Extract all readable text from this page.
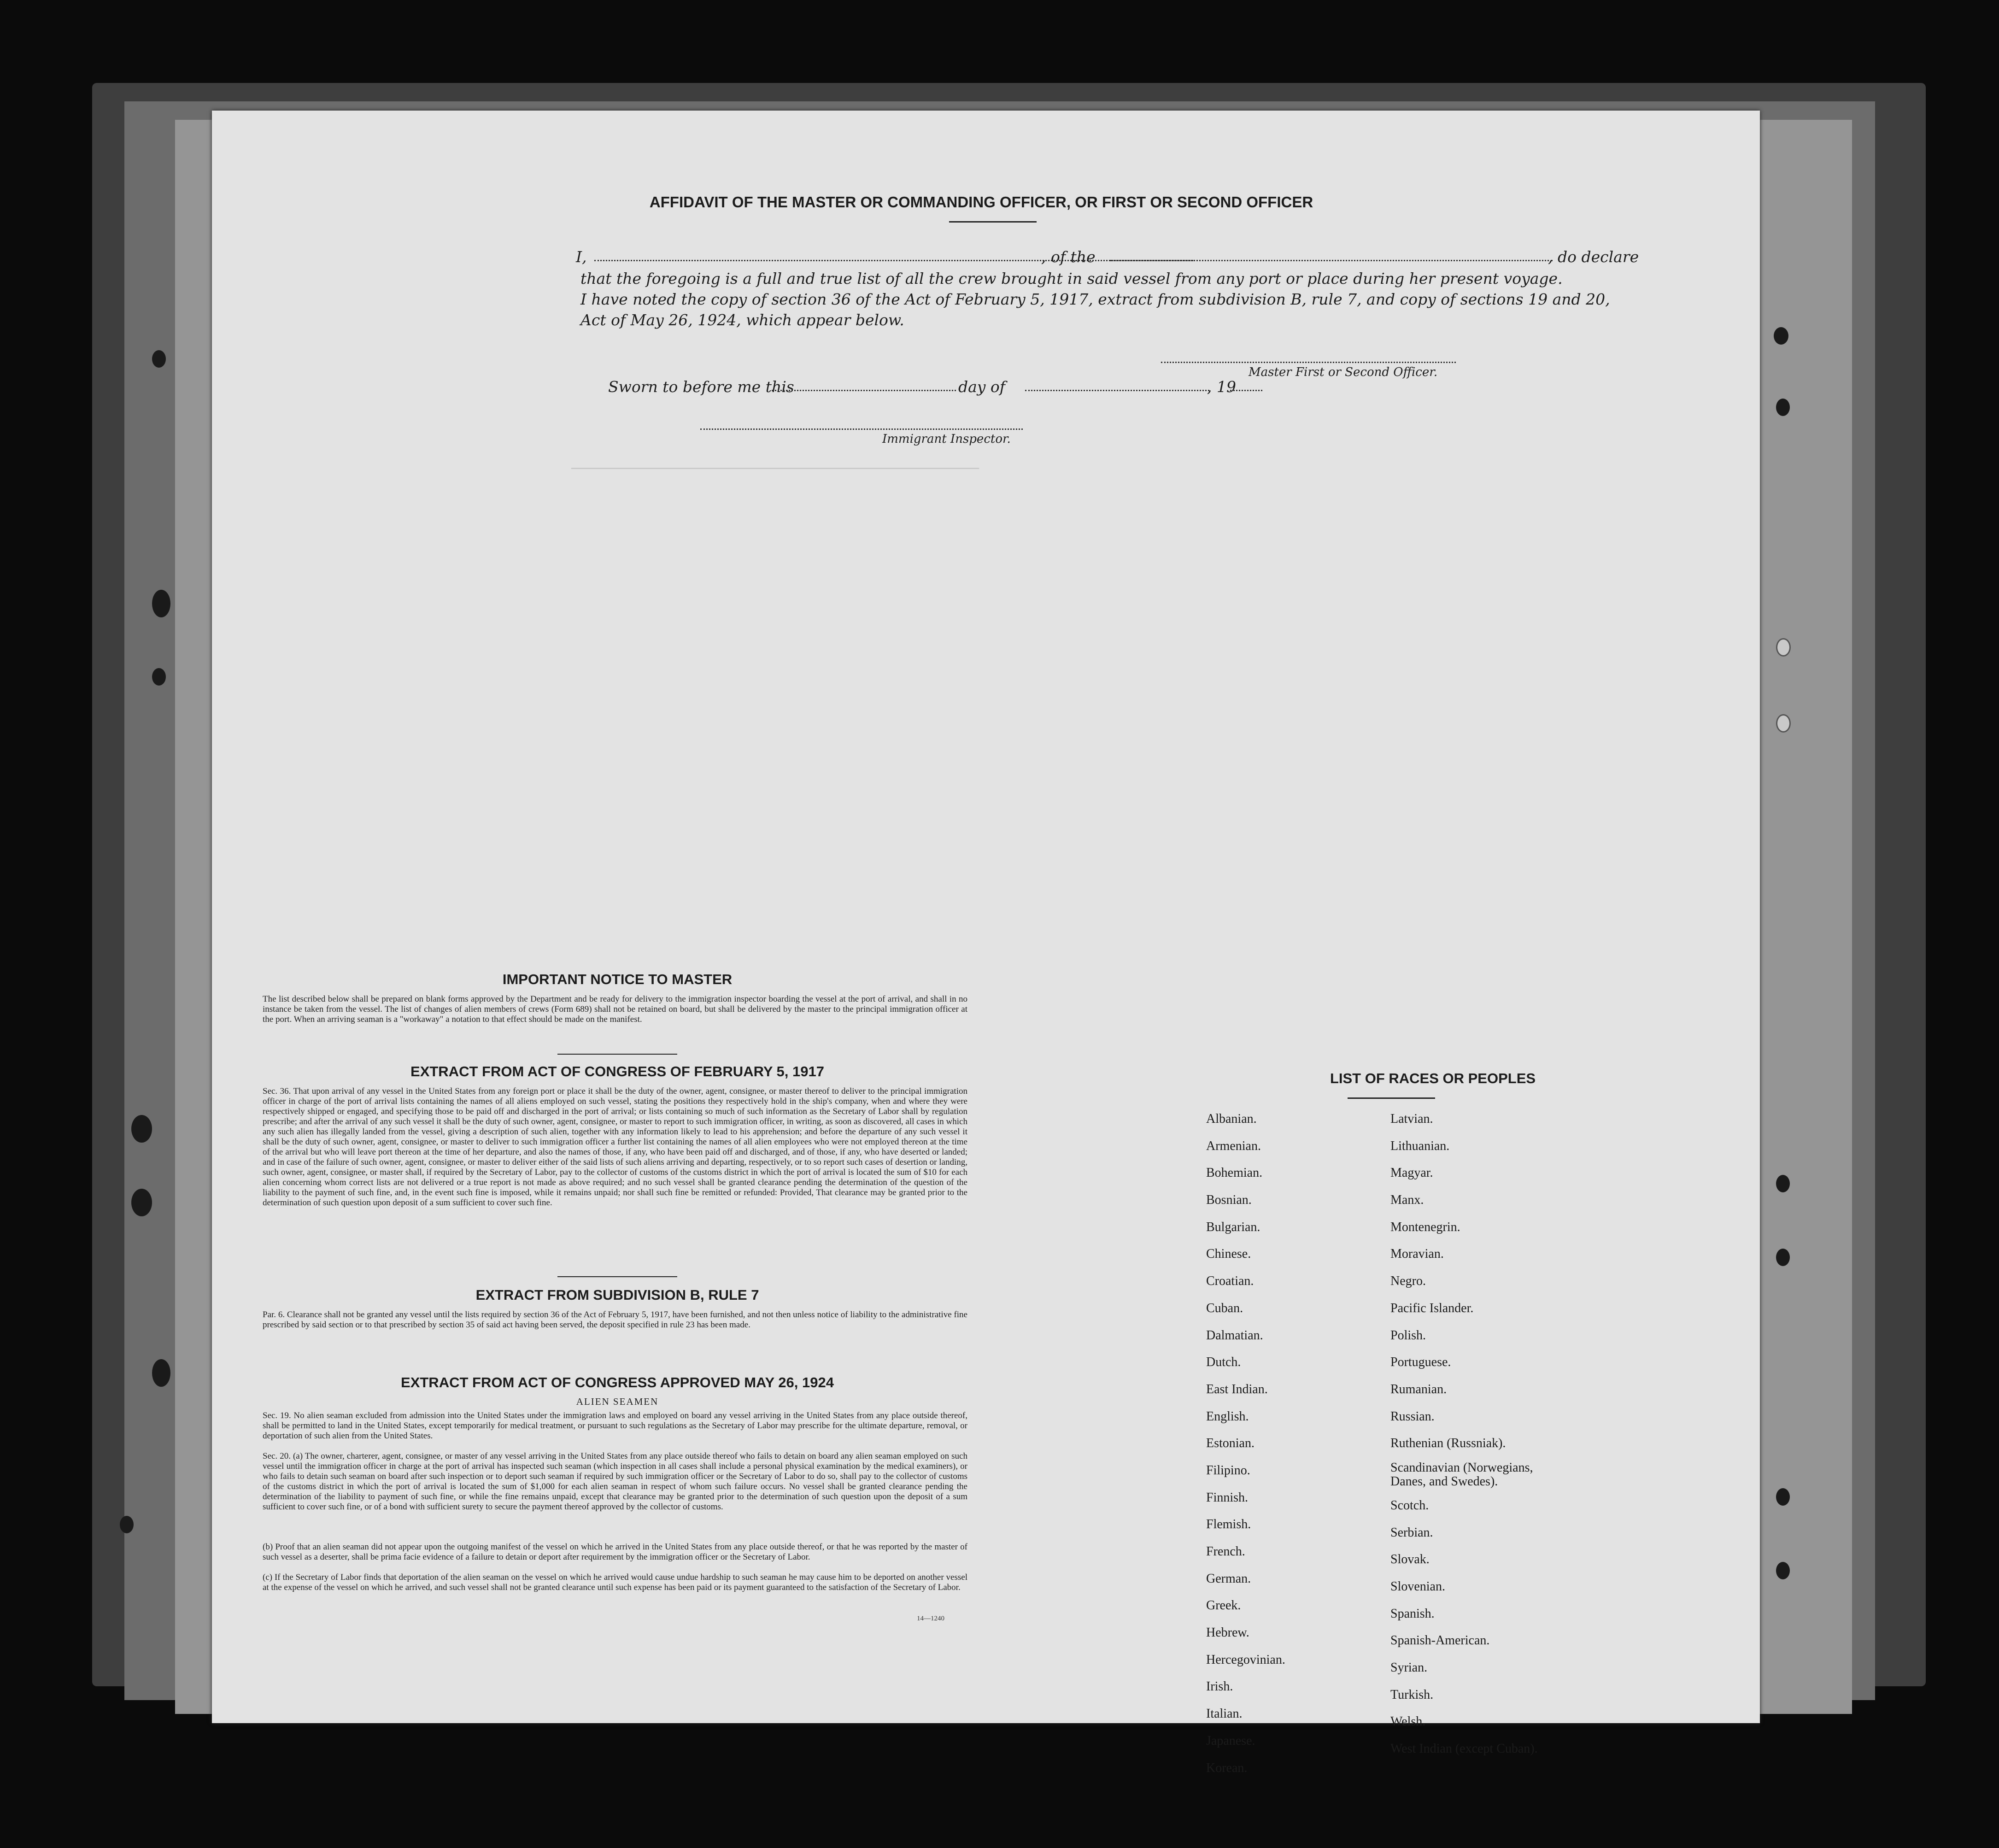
─────────────────────────────────────────────────
AFFIDAVIT OF THE MASTER OR COMMANDING OFFICER, OR FIRST OR SECOND OFFICER
I,	, of the	, do declare
that the foregoing is a full and true list of all the crew brought in said vessel from any port or place during her present voyage.
I have noted the copy of section 36 of the Act of February 5, 1917, extract from subdivision B, rule 7, and copy of sections 19 and 20,
Act of May 26, 1924, which appear below.
Master First or Second Officer.
Sworn to before me this	day of	, 19
Immigrant Inspector.
IMPORTANT NOTICE TO MASTER
The list described below shall be prepared on blank forms approved by the Department and be ready for delivery to the immigration inspector boarding the vessel at the port of arrival, and shall in no instance be taken from the vessel. The list of changes of alien members of crews (Form 689) shall not be retained on board, but shall be delivered by the master to the principal immigration officer at the port. When an arriving seaman is a "workaway" a notation to that effect should be made on the manifest.
EXTRACT FROM ACT OF CONGRESS OF FEBRUARY 5, 1917
Sec. 36. That upon arrival of any vessel in the United States from any foreign port or place it shall be the duty of the owner, agent, consignee, or master thereof to deliver to the principal immigration officer in charge of the port of arrival lists containing the names of all aliens employed on such vessel, stating the positions they respectively hold in the ship's company, when and where they were respectively shipped or engaged, and specifying those to be paid off and discharged in the port of arrival; or lists containing so much of such information as the Secretary of Labor shall by regulation prescribe; and after the arrival of any such vessel it shall be the duty of such owner, agent, consignee, or master to report to such immigration officer, in writing, as soon as discovered, all cases in which any such alien has illegally landed from the vessel, giving a description of such alien, together with any information likely to lead to his apprehension; and before the departure of any such vessel it shall be the duty of such owner, agent, consignee, or master to deliver to such immigration officer a further list containing the names of all alien employees who were not employed thereon at the time of the arrival but who will leave port thereon at the time of her departure, and also the names of those, if any, who have been paid off and discharged, and of those, if any, who have deserted or landed; and in case of the failure of such owner, agent, consignee, or master to deliver either of the said lists of such aliens arriving and departing, respectively, or to so report such cases of desertion or landing, such owner, agent, consignee, or master shall, if required by the Secretary of Labor, pay to the collector of customs of the customs district in which the port of arrival is located the sum of $10 for each alien concerning whom correct lists are not delivered or a true report is not made as above required; and no such vessel shall be granted clearance pending the determination of the question of the liability to the payment of such fine, and, in the event such fine is imposed, while it remains unpaid; nor shall such fine be remitted or refunded: Provided, That clearance may be granted prior to the determination of such question upon deposit of a sum sufficient to cover such fine.
EXTRACT FROM SUBDIVISION B, RULE 7
Par. 6. Clearance shall not be granted any vessel until the lists required by section 36 of the Act of February 5, 1917, have been furnished, and not then unless notice of liability to the administrative fine prescribed by said section or to that prescribed by section 35 of said act having been served, the deposit specified in rule 23 has been made.
EXTRACT FROM ACT OF CONGRESS APPROVED MAY 26, 1924
ALIEN SEAMEN
Sec. 19. No alien seaman excluded from admission into the United States under the immigration laws and employed on board any vessel arriving in the United States from any place outside thereof, shall be permitted to land in the United States, except temporarily for medical treatment, or pursuant to such regulations as the Secretary of Labor may prescribe for the ultimate departure, removal, or deportation of such alien from the United States.
Sec. 20. (a) The owner, charterer, agent, consignee, or master of any vessel arriving in the United States from any place outside thereof who fails to detain on board any alien seaman employed on such vessel until the immigration officer in charge at the port of arrival has inspected such seaman (which inspection in all cases shall include a personal physical examination by the medical examiners), or who fails to detain such seaman on board after such inspection or to deport such seaman if required by such immigration officer or the Secretary of Labor to do so, shall pay to the collector of customs of the customs district in which the port of arrival is located the sum of $1,000 for each alien seaman in respect of whom such failure occurs. No vessel shall be granted clearance pending the determination of the liability to payment of such fine, or while the fine remains unpaid, except that clearance may be granted prior to the determination of such question upon the deposit of a sum sufficient to cover such fine, or of a bond with sufficient surety to secure the payment thereof approved by the collector of customs.
(b) Proof that an alien seaman did not appear upon the outgoing manifest of the vessel on which he arrived in the United States from any place outside thereof, or that he was reported by the master of such vessel as a deserter, shall be prima facie evidence of a failure to detain or deport after requirement by the immigration officer or the Secretary of Labor.
(c) If the Secretary of Labor finds that deportation of the alien seaman on the vessel on which he arrived would cause undue hardship to such seaman he may cause him to be deported on another vessel at the expense of the vessel on which he arrived, and such vessel shall not be granted clearance until such expense has been paid or its payment guaranteed to the satisfaction of the Secretary of Labor.
14—1240
LIST OF RACES OR PEOPLES
Albanian.
Armenian.
Bohemian.
Bosnian.
Bulgarian.
Chinese.
Croatian.
Cuban.
Dalmatian.
Dutch.
East Indian.
English.
Estonian.
Filipino.
Finnish.
Flemish.
French.
German.
Greek.
Hebrew.
Hercegovinian.
Irish.
Italian.
Japanese.
Korean.
Latvian.
Lithuanian.
Magyar.
Manx.
Montenegrin.
Moravian.
Negro.
Pacific Islander.
Polish.
Portuguese.
Rumanian.
Russian.
Ruthenian (Russniak).
Scandinavian (Norwegians, Danes, and Swedes).
Scotch.
Serbian.
Slovak.
Slovenian.
Spanish.
Spanish-American.
Syrian.
Turkish.
Welsh.
West Indian (except Cuban).
